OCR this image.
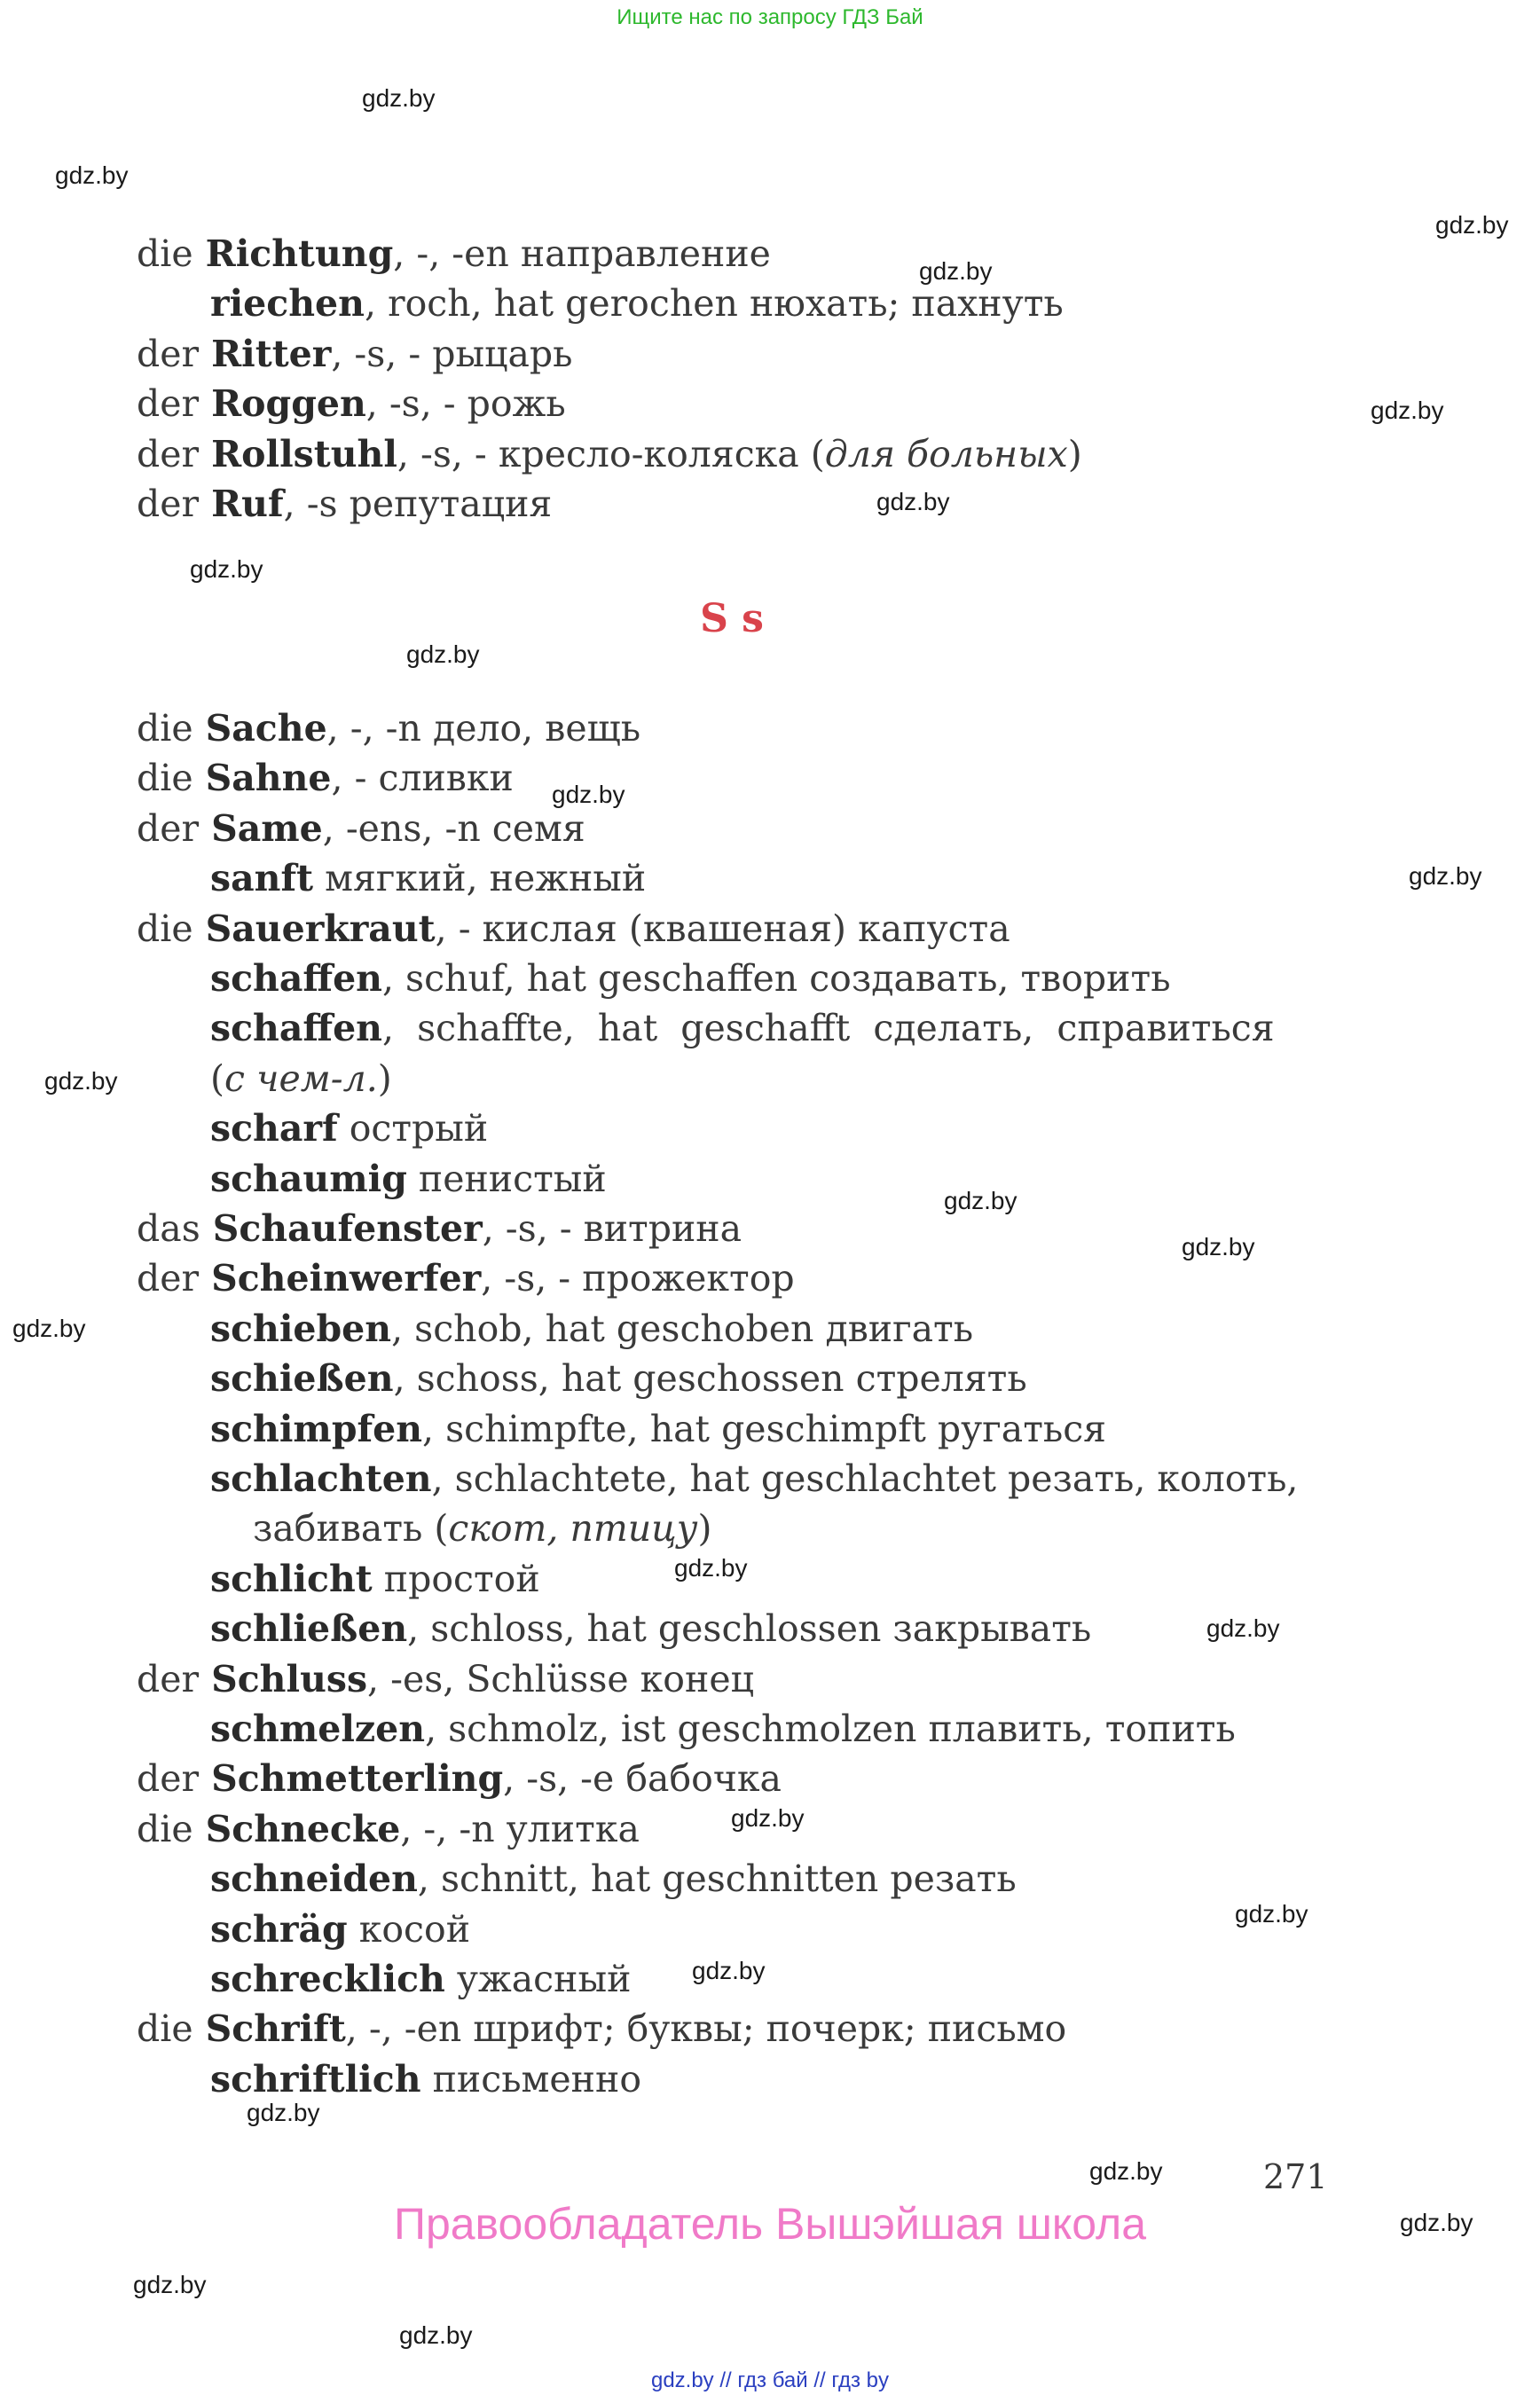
Ищите нас по запросу ГДЗ Бай
gdz.by
gdz.by
gdz.by
gdz.by
gdz.by
gdz.by
gdz.by
gdz.by
gdz.by
gdz.by
gdz.by
gdz.by
gdz.by
gdz.by
gdz.by
gdz.by
gdz.by
gdz.by
gdz.by
gdz.by
gdz.by
gdz.by
gdz.by
gdz.by
die Richtung, -, -en направление
riechen, roch, hat gerochen нюхать; пахнуть
der Ritter, -s, - рыцарь
der Roggen, -s, - рожь
der Rollstuhl, -s, - кресло-коляска (для больных)
der Ruf, -s репутация
S s
die Sache, -, -n дело, вещь
die Sahne, - сливки
der Same, -ens, -n семя
sanft мягкий, нежный
die Sauerkraut, - кислая (квашеная) капуста
schaffen, schuf, hat geschaffen создавать, творить
schaffen,  schaffte,  hat  geschafft  сделать,  справиться
(с чем-л.)
scharf острый
schaumig пенистый
das Schaufenster, -s, - витрина
der Scheinwerfer, -s, - прожектор
schieben, schob, hat geschoben двигать
schießen, schoss, hat geschossen стрелять
schimpfen, schimpfte, hat geschimpft ругаться
schlachten, schlachtete, hat geschlachtet резать, колоть,
забивать (скот, птицу)
schlicht простой
schließen, schloss, hat geschlossen закрывать
der Schluss, -es, Schlüsse конец
schmelzen, schmolz, ist geschmolzen плавить, топить
der Schmetterling, -s, -e бабочка
die Schnecke, -, -n улитка
schneiden, schnitt, hat geschnitten резать
schräg косой
schrecklich ужасный
die Schrift, -, -en шрифт; буквы; почерк; письмо
schriftlich письменно
271
Правообладатель Вышэйшая школа
gdz.by // гдз бай // гдз by
